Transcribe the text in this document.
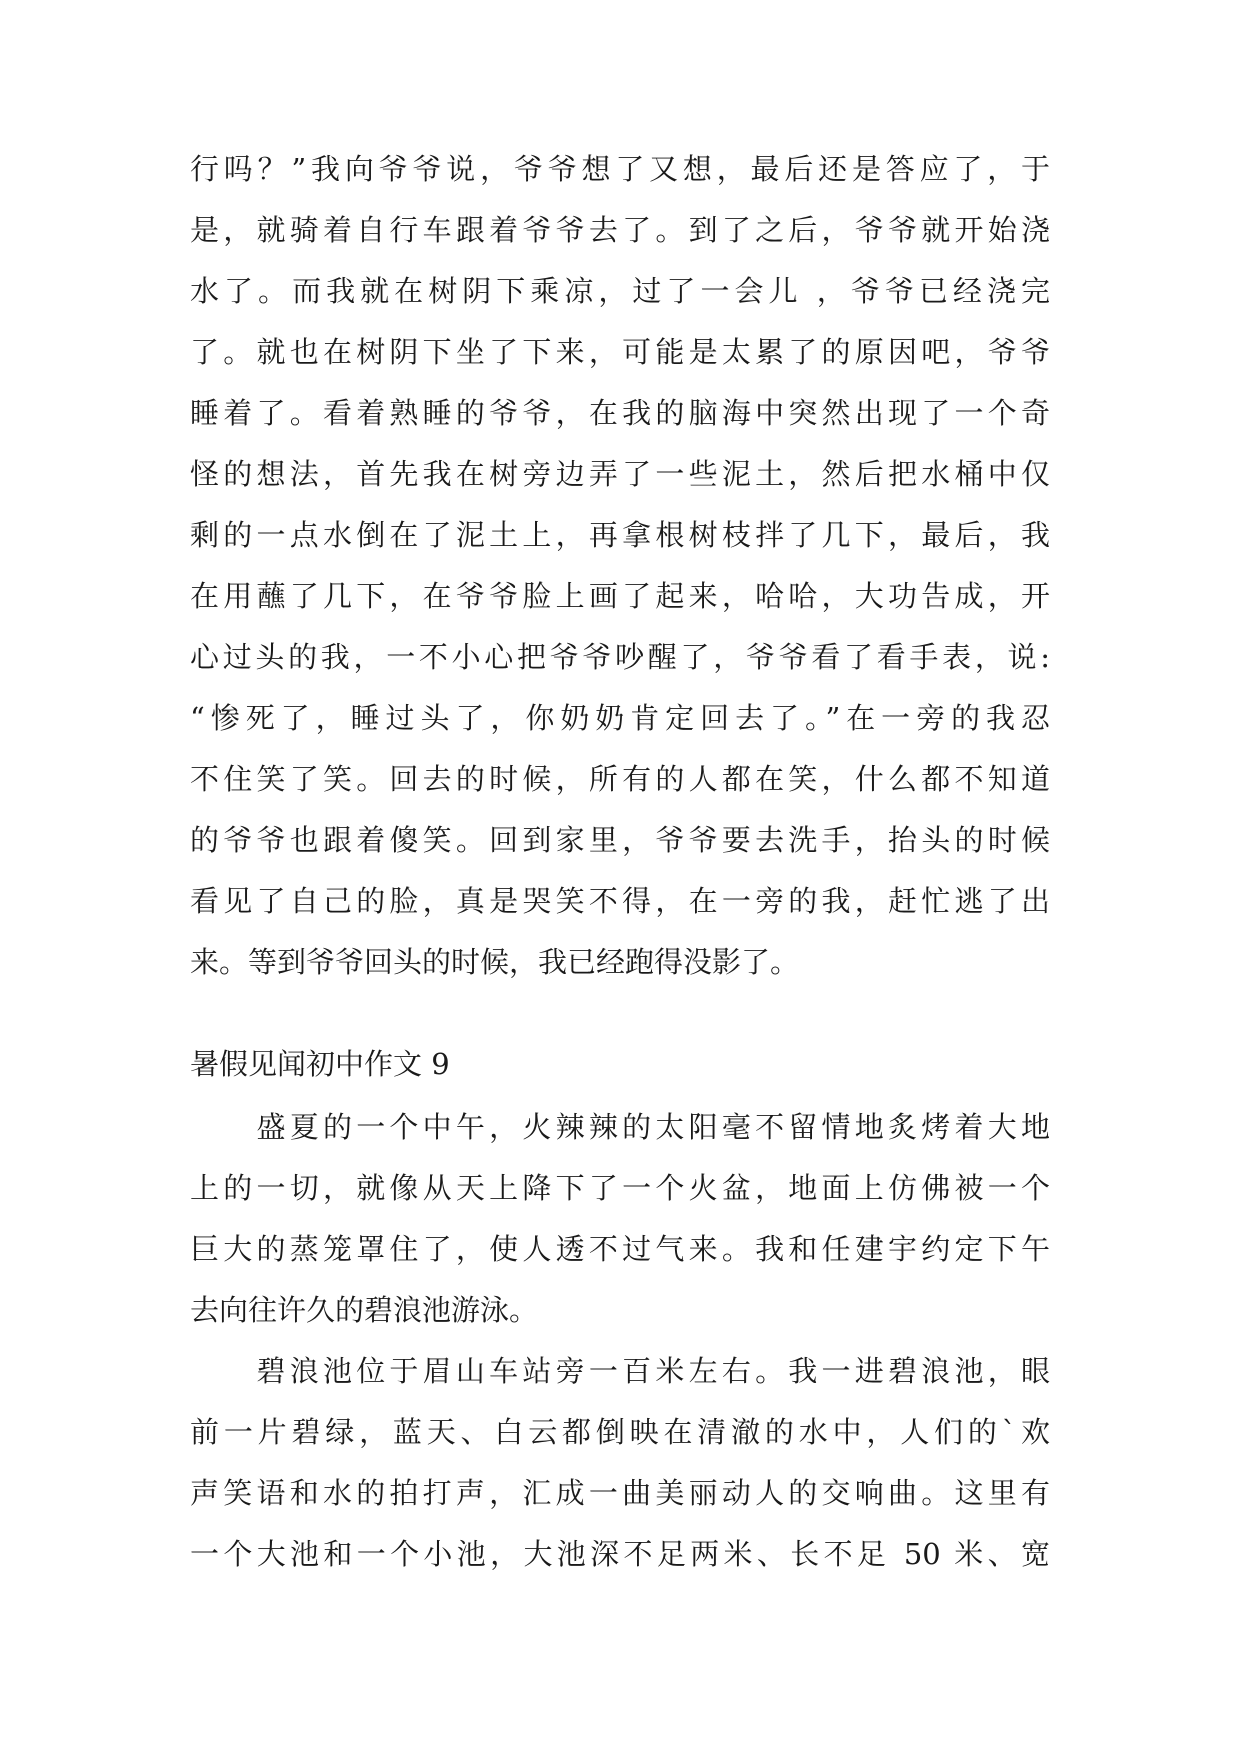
行吗？”我向爷爷说，爷爷想了又想，最后还是答应了，于
是，就骑着自行车跟着爷爷去了。到了之后，爷爷就开始浇
水了。而我就在树阴下乘凉，过了一会儿 ，爷爷已经浇完
了。就也在树阴下坐了下来，可能是太累了的原因吧，爷爷
睡着了。看着熟睡的爷爷，在我的脑海中突然出现了一个奇
怪的想法，首先我在树旁边弄了一些泥土，然后把水桶中仅
剩的一点水倒在了泥土上，再拿根树枝拌了几下，最后，我
在用蘸了几下，在爷爷脸上画了起来，哈哈，大功告成，开
心过头的我，一不小心把爷爷吵醒了，爷爷看了看手表，说:
“惨死了，睡过头了，你奶奶肯定回去了。”在一旁的我忍
不住笑了笑。回去的时候，所有的人都在笑，什么都不知道
的爷爷也跟着傻笑。回到家里，爷爷要去洗手，抬头的时候
看见了自己的脸，真是哭笑不得，在一旁的我，赶忙逃了出
来。等到爷爷回头的时候，我已经跑得没影了。
暑假见闻初中作文 9
　　盛夏的一个中午，火辣辣的太阳毫不留情地炙烤着大地
上的一切，就像从天上降下了一个火盆，地面上仿佛被一个
巨大的蒸笼罩住了，使人透不过气来。我和任建宇约定下午
去向往许久的碧浪池游泳。
　　碧浪池位于眉山车站旁一百米左右。我一进碧浪池，眼
前一片碧绿，蓝天、白云都倒映在清澈的水中，人们的`欢
声笑语和水的拍打声，汇成一曲美丽动人的交响曲。这里有
一个大池和一个小池，大池深不足两米、长不足 50 米、宽
